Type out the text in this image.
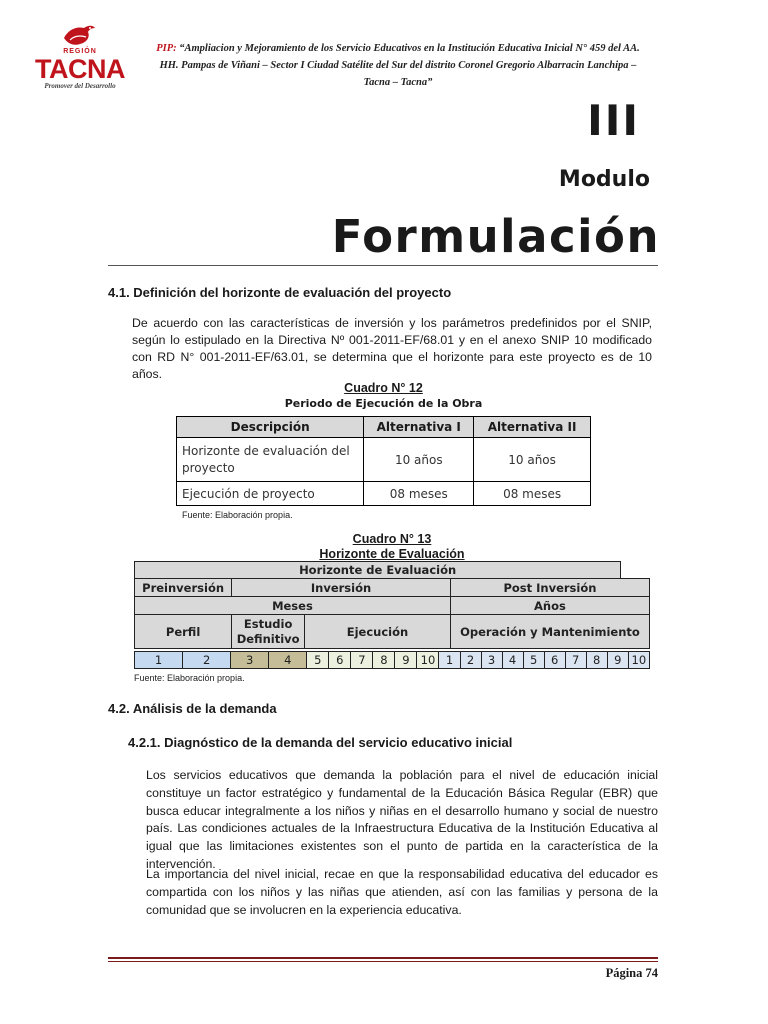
REGIÓN
TACNA
Promover del Desarrollo
PIP: “Ampliacion y Mejoramiento de los Servicio Educativos en la Institución Educativa Inicial N° 459 del AA.
HH. Pampas de Viñani – Sector I Ciudad Satélite del Sur del distrito Coronel Gregorio Albarracin Lanchipa –
Tacna – Tacna”
III
Modulo
Formulación
4.1. Definición del horizonte de evaluación del proyecto
De acuerdo con las características de inversión y los parámetros predefinidos por el SNIP, según lo estipulado en la Directiva Nº 001-2011-EF/68.01 y en el anexo SNIP 10 modificado con RD N° 001-2011-EF/63.01, se determina que el horizonte para este proyecto es de 10 años.
Cuadro N° 12
Periodo de Ejecución de la Obra
Descripción	Alternativa I	Alternativa II
Horizonte de evaluación del proyecto	10 años	10 años
Ejecución de proyecto	08 meses	08 meses
Fuente: Elaboración propia.
Cuadro N° 13
Horizonte de Evaluación
Horizonte de Evaluación			
Preinversión	Inversión		Post Inversión
Meses			Años
Perfil	Estudio Definitivo	Ejecución	Operación y Mantenimiento
1	2	3	4	5	6	7	8	9	10	1	2	3	4	5	6	7	8	9	10
Fuente: Elaboración propia.
4.2. Análisis de la demanda
4.2.1. Diagnóstico de la demanda del servicio educativo inicial
Los servicios educativos que demanda la población para el nivel de educación inicial constituye un factor estratégico y fundamental de la Educación Básica Regular (EBR) que busca educar integralmente a los niños y niñas en el desarrollo humano y social de nuestro país. Las condiciones actuales de la Infraestructura Educativa de la Institución Educativa al igual que las limitaciones existentes son el punto de partida en la característica de la intervención.
La importancia del nivel inicial, recae en que la responsabilidad educativa del educador es compartida con los niños y las niñas que atienden, así con las familias y persona de la comunidad que se involucren en la experiencia educativa.
Página 74
